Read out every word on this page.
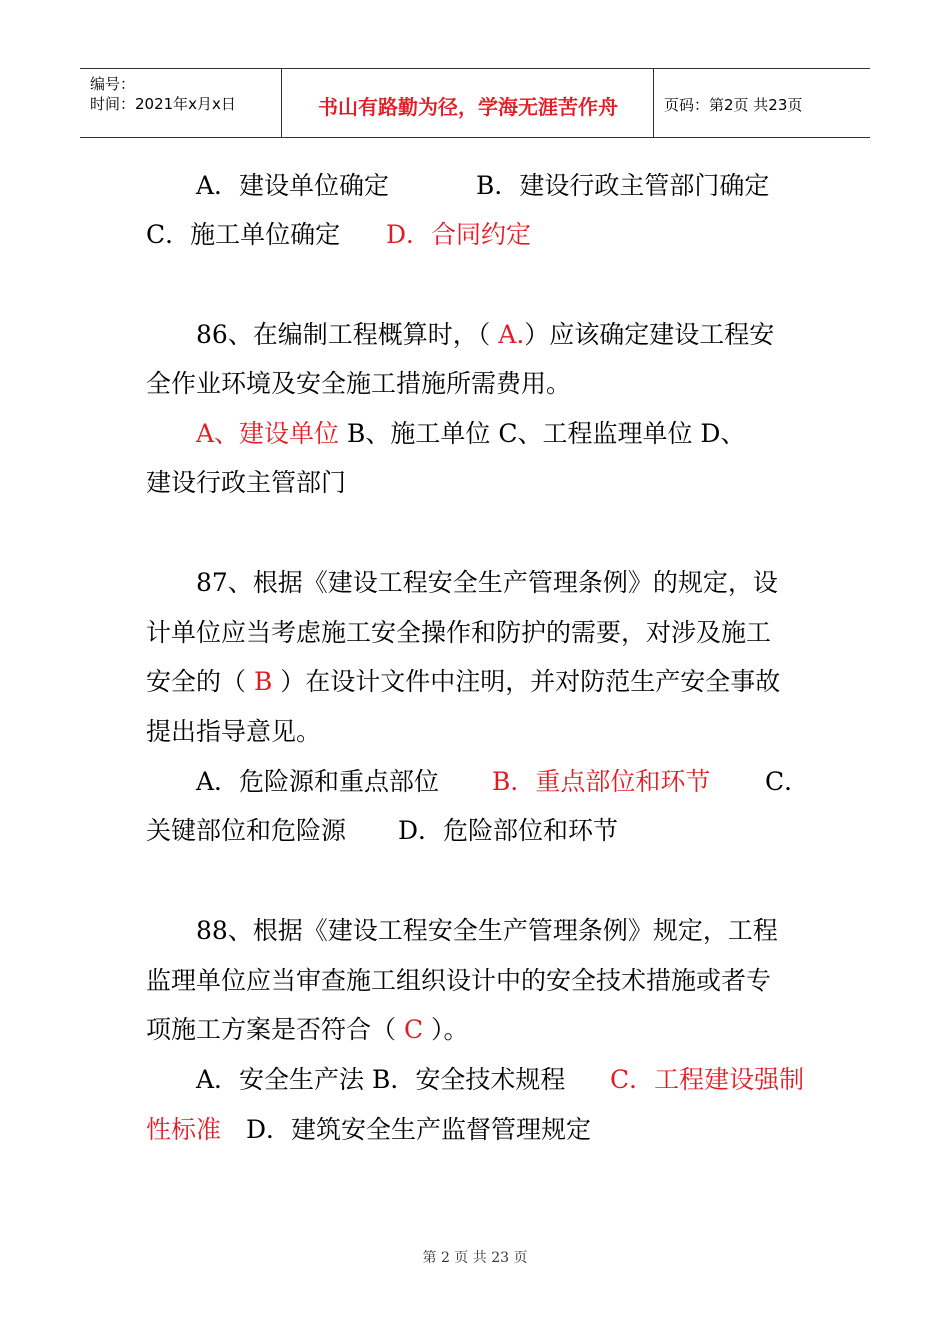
编号：
时间：2021年x月x日	书山有路勤为径，学海无涯苦作舟	页码：第2页 共23页
A．建设单位确定	B．建设行政主管部门确定
C．施工单位确定 D．合同约定
86、在编制工程概算时，（ A.）应该确定建设工程安
全作业环境及安全施工措施所需费用。
A、建设单位 B、施工单位 C、工程监理单位 D、
建设行政主管部门
87、根据《建设工程安全生产管理条例》的规定，设
计单位应当考虑施工安全操作和防护的需要，对涉及施工
安全的（ B ）在设计文件中注明，并对防范生产安全事故
提出指导意见。
A．危险源和重点部位 B．重点部位和环节 C．
关键部位和危险源 D．危险部位和环节
88、根据《建设工程安全生产管理条例》规定，工程
监理单位应当审查施工组织设计中的安全技术措施或者专
项施工方案是否符合（ C ）。
A．安全生产法 B．安全技术规程 C．工程建设强制
性标准 D．建筑安全生产监督管理规定
第 2 页 共 23 页
